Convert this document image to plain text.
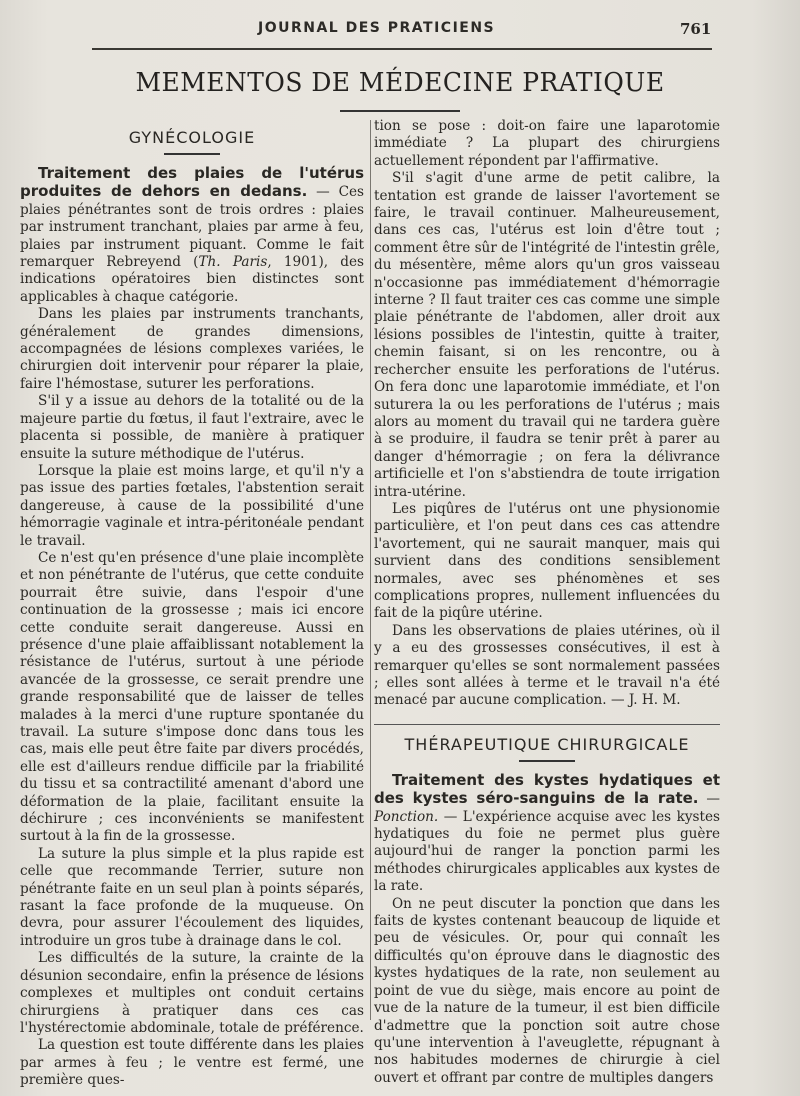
JOURNAL DES PRATICIENS	761
MEMENTOS DE MÉDECINE PRATIQUE
GYNÉCOLOGIE

Traitement des plaies de l'utérus produites de dehors en dedans. — Ces plaies pénétrantes sont de trois ordres : plaies par instrument tranchant, plaies par arme à feu, plaies par instrument piquant. Comme le fait remarquer Rebreyend (Th. Paris, 1901), des indications opératoires bien distinctes sont applicables à chaque catégorie.

Dans les plaies par instruments tranchants, généralement de grandes dimensions, accompagnées de lésions complexes variées, le chirurgien doit intervenir pour réparer la plaie, faire l'hémostase, suturer les perforations.

S'il y a issue au dehors de la totalité ou de la majeure partie du fœtus, il faut l'extraire, avec le placenta si possible, de manière à pratiquer ensuite la suture méthodique de l'utérus.

Lorsque la plaie est moins large, et qu'il n'y a pas issue des parties fœtales, l'abstention serait dangereuse, à cause de la possibilité d'une hémorragie vaginale et intra-péritonéale pendant le travail.

Ce n'est qu'en présence d'une plaie incomplète et non pénétrante de l'utérus, que cette conduite pourrait être suivie, dans l'espoir d'une continuation de la grossesse ; mais ici encore cette conduite serait dangereuse. Aussi en présence d'une plaie affaiblissant notablement la résistance de l'utérus, surtout à une période avancée de la grossesse, ce serait prendre une grande responsabilité que de laisser de telles malades à la merci d'une rupture spontanée du travail. La suture s'impose donc dans tous les cas, mais elle peut être faite par divers procédés, elle est d'ailleurs rendue difficile par la friabilité du tissu et sa contractilité amenant d'abord une déformation de la plaie, facilitant ensuite la déchirure ; ces inconvénients se manifestent surtout à la fin de la grossesse.

La suture la plus simple et la plus rapide est celle que recommande Terrier, suture non pénétrante faite en un seul plan à points séparés, rasant la face profonde de la muqueuse. On devra, pour assurer l'écoulement des liquides, introduire un gros tube à drainage dans le col.

Les difficultés de la suture, la crainte de la désunion secondaire, enfin la présence de lésions complexes et multiples ont conduit certains chirurgiens à pratiquer dans ces cas l'hystérectomie abdominale, totale de préférence.

La question est toute différente dans les plaies par armes à feu ; le ventre est fermé, une première ques-

tion se pose : doit-on faire une laparotomie immédiate ? La plupart des chirurgiens actuellement répondent par l'affirmative.

S'il s'agit d'une arme de petit calibre, la tentation est grande de laisser l'avortement se faire, le travail continuer. Malheureusement, dans ces cas, l'utérus est loin d'être tout ; comment être sûr de l'intégrité de l'intestin grêle, du mésentère, même alors qu'un gros vaisseau n'occasionne pas immédiatement d'hémorragie interne ? Il faut traiter ces cas comme une simple plaie pénétrante de l'abdomen, aller droit aux lésions possibles de l'intestin, quitte à traiter, chemin faisant, si on les rencontre, ou à rechercher ensuite les perforations de l'utérus. On fera donc une laparotomie immédiate, et l'on suturera la ou les perforations de l'utérus ; mais alors au moment du travail qui ne tardera guère à se produire, il faudra se tenir prêt à parer au danger d'hémorragie ; on fera la délivrance artificielle et l'on s'abstiendra de toute irrigation intra-utérine.

Les piqûres de l'utérus ont une physionomie particulière, et l'on peut dans ces cas attendre l'avortement, qui ne saurait manquer, mais qui survient dans des conditions sensiblement normales, avec ses phénomènes et ses complications propres, nullement influencées du fait de la piqûre utérine.

Dans les observations de plaies utérines, où il y a eu des grossesses consécutives, il est à remarquer qu'elles se sont normalement passées ; elles sont allées à terme et le travail n'a été menacé par aucune complication. — J. H. M.

THÉRAPEUTIQUE CHIRURGICALE

Traitement des kystes hydatiques et des kystes séro-sanguins de la rate. — Ponction. — L'expérience acquise avec les kystes hydatiques du foie ne permet plus guère aujourd'hui de ranger la ponction parmi les méthodes chirurgicales applicables aux kystes de la rate.

On ne peut discuter la ponction que dans les faits de kystes contenant beaucoup de liquide et peu de vésicules. Or, pour qui connaît les difficultés qu'on éprouve dans le diagnostic des kystes hydatiques de la rate, non seulement au point de vue du siège, mais encore au point de vue de la nature de la tumeur, il est bien difficile d'admettre que la ponction soit autre chose qu'une intervention à l'aveuglette, répugnant à nos habitudes modernes de chirurgie à ciel ouvert et offrant par contre de multiples dangers
